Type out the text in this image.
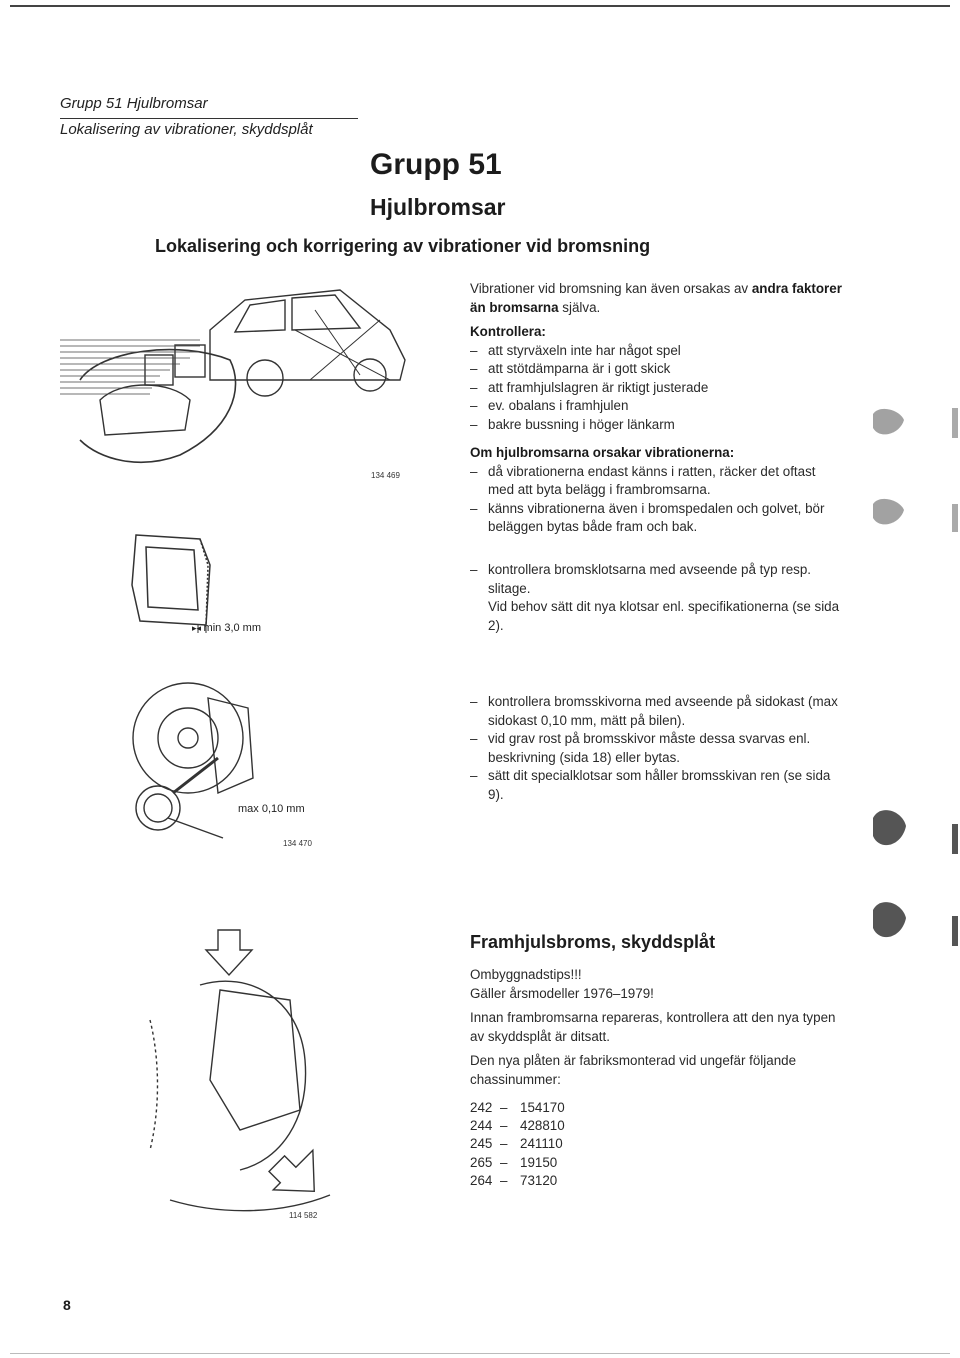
Grupp 51 Hjulbromsar
Lokalisering av vibrationer, skyddsplåt
Grupp 51
Hjulbromsar
Lokalisering och korrigering av vibrationer vid bromsning
134 469
Vibrationer vid bromsning kan även orsakas av andra faktorer än bromsarna själva.
Kontrollera:
– att styrväxeln inte har något spel
– att stötdämparna är i gott skick
– att framhjulslagren är riktigt justerade
– ev. obalans i framhjulen
– bakre bussning i höger länkarm
Om hjulbromsarna orsakar vibrationerna:
– då vibrationerna endast känns i ratten, räcker det oftast med att byta belägg i frambromsarna.
– känns vibrationerna även i bromspedalen och golvet, bör beläggen bytas både fram och bak.
▸◂ min 3,0 mm
– kontrollera bromsklotsarna med avseende på typ resp. slitage.
Vid behov sätt dit nya klotsar enl. specifikationerna (se sida 2).
max 0,10 mm
134 470
– kontrollera bromsskivorna med avseende på sidokast (max sidokast 0,10 mm, mätt på bilen).
– vid grav rost på bromsskivor måste dessa svarvas enl. beskrivning (sida 18) eller bytas.
– sätt dit specialklotsar som håller bromsskivan ren (se sida 9).
114 582
Framhjulsbroms, skyddsplåt
Ombyggnadstips!!!
Gäller årsmodeller 1976–1979!
Innan frambromsarna repareras, kontrollera att den nya typen av skyddsplåt är ditsatt.
Den nya plåten är fabriksmonterad vid ungefär följande chassinummer:
242 – 154170
244 – 428810
245 – 241110
265 – 19150
264 – 73120
8
